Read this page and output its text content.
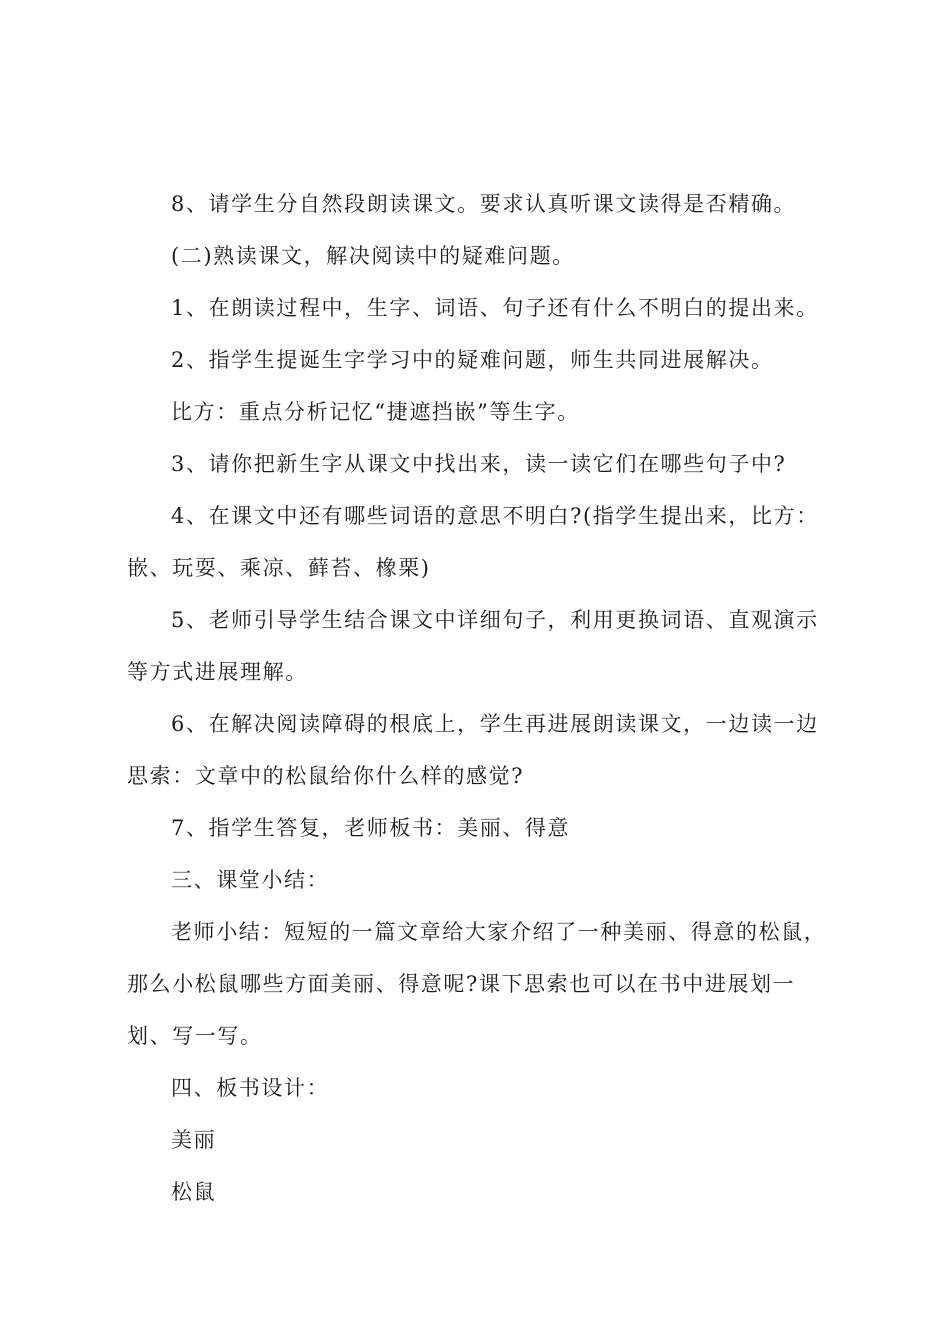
8、请学生分自然段朗读课文。要求认真听课文读得是否精确。

(二)熟读课文，解决阅读中的疑难问题。

1、在朗读过程中，生字、词语、句子还有什么不明白的提出来。

2、指学生提诞生字学习中的疑难问题，师生共同进展解决。

比方：重点分析记忆“捷遮挡嵌”等生字。

3、请你把新生字从课文中找出来，读一读它们在哪些句子中?

4、在课文中还有哪些词语的意思不明白?(指学生提出来，比方：嵌、玩耍、乘凉、藓苔、橡栗)

5、老师引导学生结合课文中详细句子，利用更换词语、直观演示等方式进展理解。

6、在解决阅读障碍的根底上，学生再进展朗读课文，一边读一边思索：文章中的松鼠给你什么样的感觉?

7、指学生答复，老师板书：美丽、得意

三、课堂小结：

老师小结：短短的一篇文章给大家介绍了一种美丽、得意的松鼠，那么小松鼠哪些方面美丽、得意呢?课下思索也可以在书中进展划一划、写一写。

四、板书设计：

美丽

松鼠
